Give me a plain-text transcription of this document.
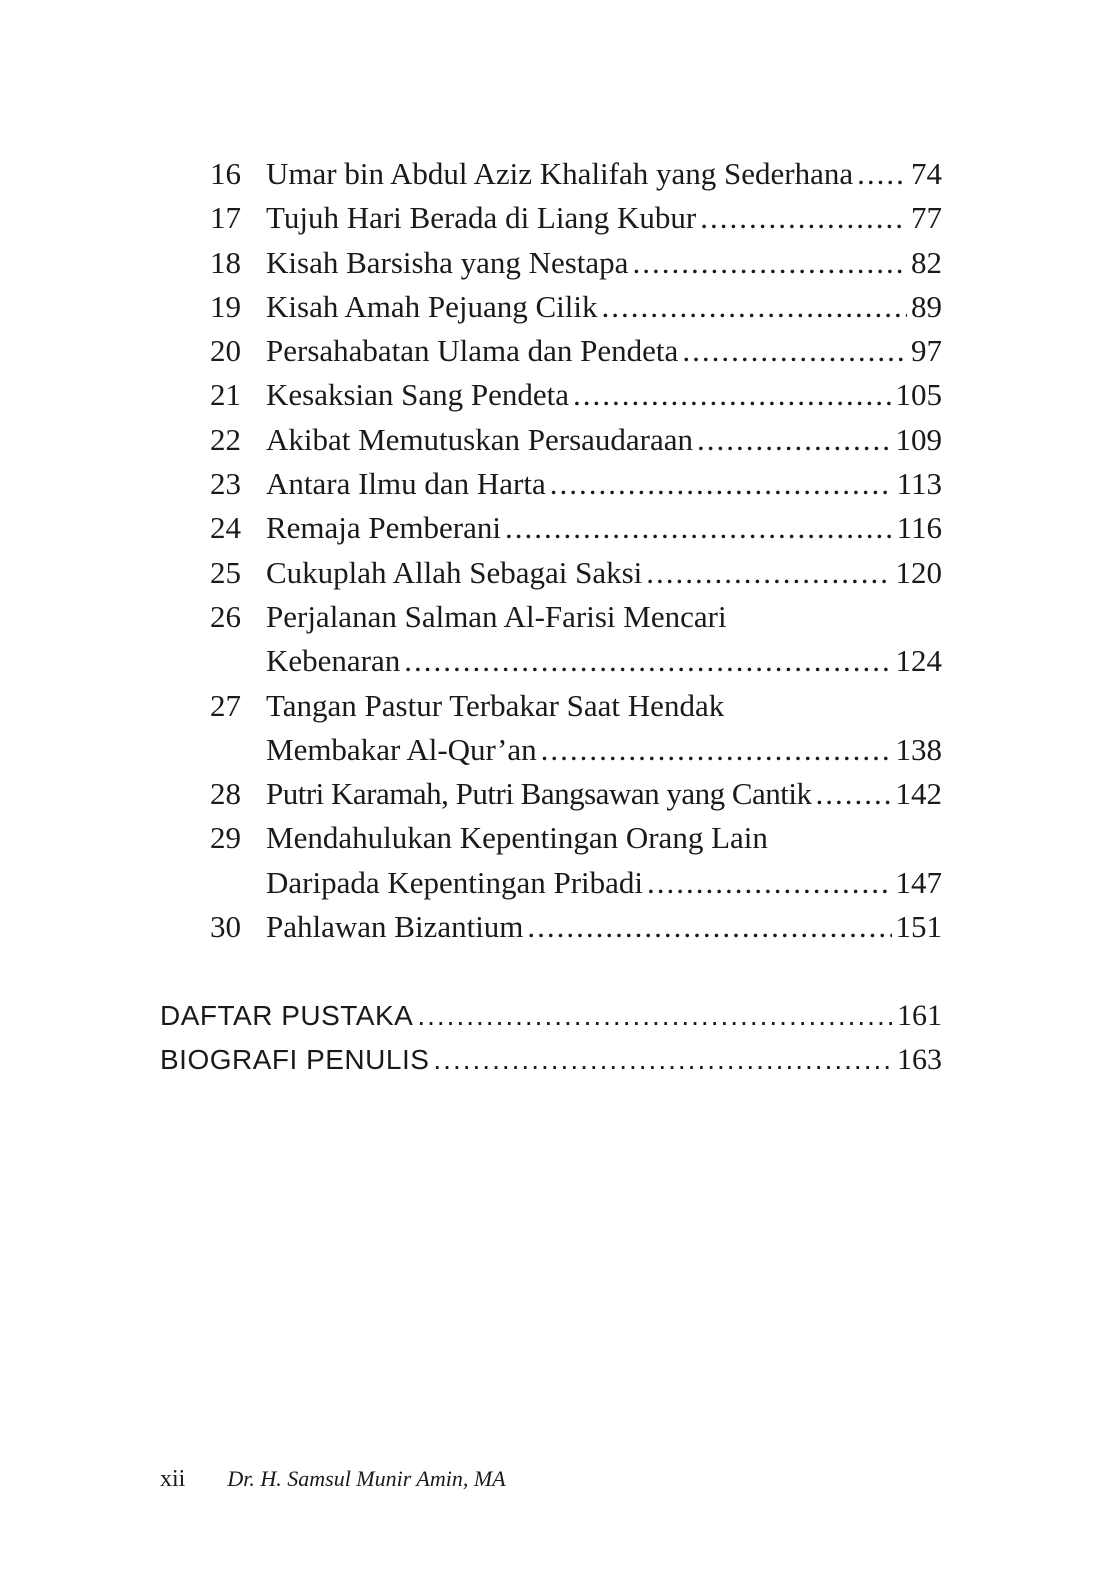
16 Umar bin Abdul Aziz Khalifah yang Sederhana ..... 74
17 Tujuh Hari Berada di Liang Kubur .....	77
18 Kisah Barsisha yang Nestapa .....	82
19 Kisah Amah Pejuang Cilik .....	89
20 Persahabatan Ulama dan Pendeta .....	97
21 Kesaksian Sang Pendeta .....	105
22 Akibat Memutuskan Persaudaraan .....	109
23 Antara Ilmu dan Harta .....	113
24 Remaja Pemberani .....	116
25 Cukuplah Allah Sebagai Saksi .....	120
26 Perjalanan Salman Al-Farisi Mencari
Kebenaran .....	124
27 Tangan Pastur Terbakar Saat Hendak
Membakar Al-Qur’an .....	138
28 Putri Karamah, Putri Bangsawan yang Cantik .....	142
29 Mendahulukan Kepentingan Orang Lain
Daripada Kepentingan Pribadi .....	147
30 Pahlawan Bizantium .....	151
DAFTAR PUSTAKA .....	161
BIOGRAFI PENULIS .....	163
xii Dr. H. Samsul Munir Amin, MA
